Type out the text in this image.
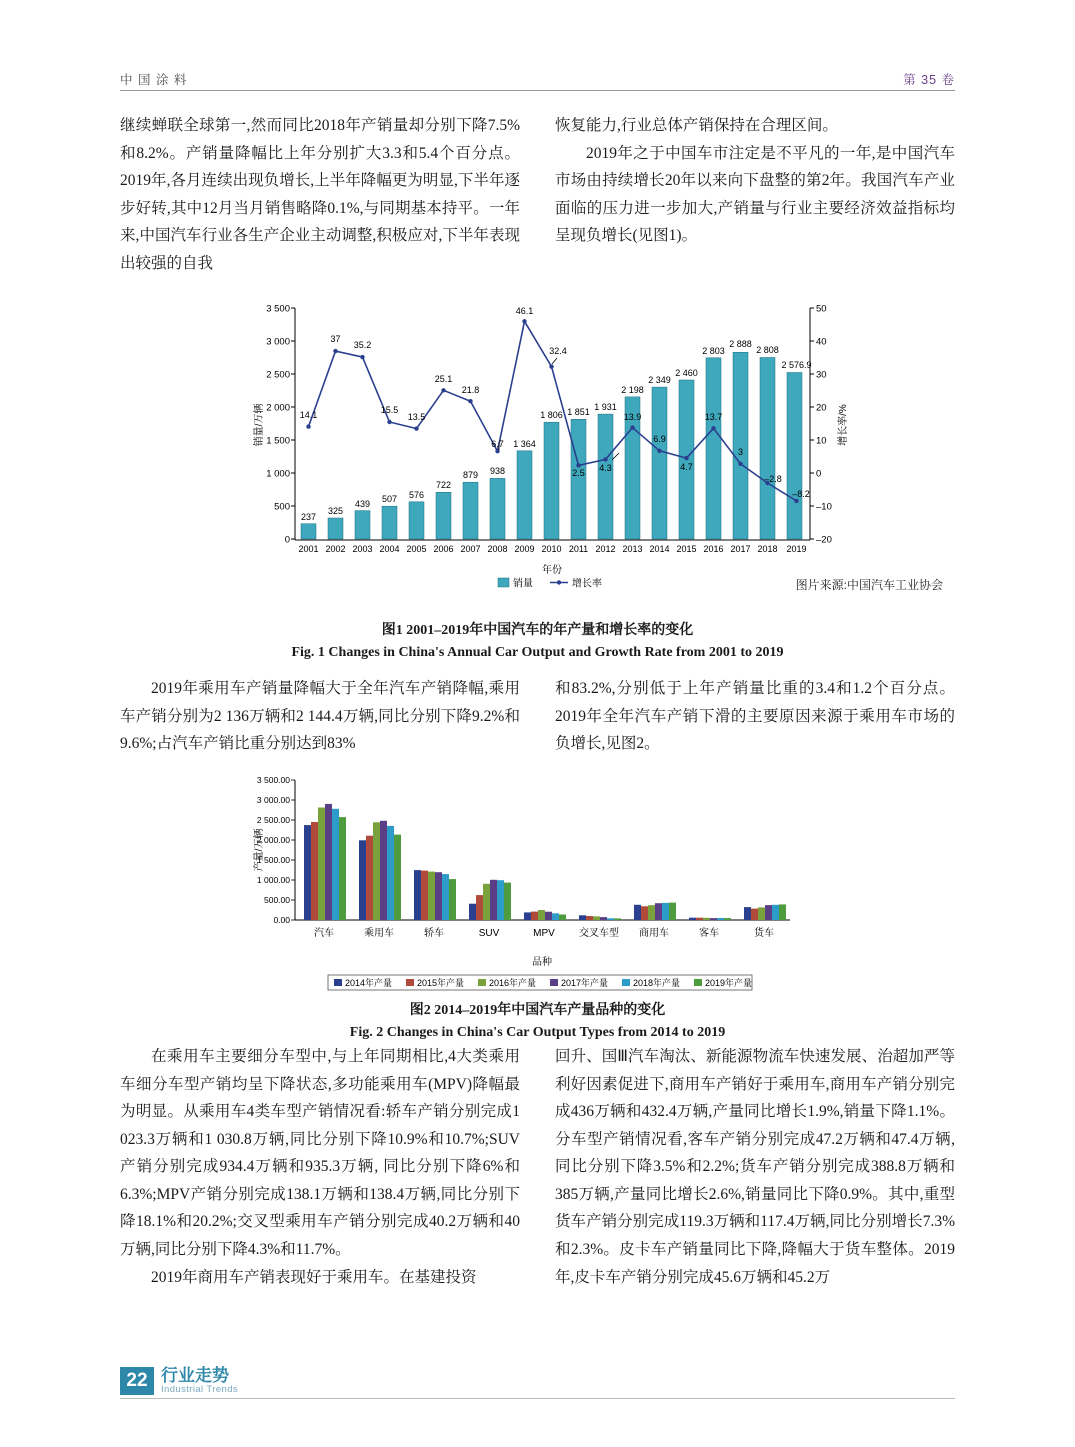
中 国 涂 料	第 35 卷

继续蝉联全球第一,然而同比2018年产销量却分别下降7.5%和8.2%。产销量降幅比上年分别扩大3.3和5.4个百分点。2019年,各月连续出现负增长,上半年降幅更为明显,下半年逐步好转,其中12月当月销售略降0.1%,与同期基本持平。一年来,中国汽车行业各生产企业主动调整,积极应对,下半年表现出较强的自我

恢复能力,行业总体产销保持在合理区间。

2019年之于中国车市注定是不平凡的一年,是中国汽车市场由持续增长20年以来向下盘整的第2年。我国汽车产业面临的压力进一步加大,产销量与行业主要经济效益指标均呈现负增长(见图1)。

3 500
3 000
2 500
2 000
1 500
1 000
500
0
50
40
30
20
10
0
–10
–20
销量/万辆	增长率/%
年份
237
325
439 507 576
722
879 938
1 364
1 806 1 851 1 931
2 198
2 349
2 460
2 803
2 888
2 808
2 576.9
14.1
37
35.2
15.5
13.5
25.1
21.8
6.7
46.1
32.4
2.5 4.3
13.9
6.9
4.7
13.7
3
–2.8
–8.2
2001 2002 2003 2004 2005 2006 2007 2008 2009 2010 2011 2012 2013 2014 2015 2016 2017 2018 2019
销量	增长率	图片来源:中国汽车工业协会
图1 2001–2019年中国汽车的年产量和增长率的变化
Fig. 1 Changes in China's Annual Car Output and Growth Rate from 2001 to 2019

2019年乘用车产销量降幅大于全年汽车产销降幅,乘用车产销分别为2 136万辆和2 144.4万辆,同比分别下降9.2%和9.6%;占汽车产销比重分别达到83%

和83.2%,分别低于上年产销量比重的3.4和1.2个百分点。2019年全年汽车产销下滑的主要原因来源于乘用车市场的负增长,见图2。

3 500.00
3 000.00
2 500.00
2 000.00
1 500.00
1 000.00
500.00
0.00
产量/万辆
品种
汽车	乘用车	轿车	SUV	MPV 交叉车型 商用车	客车	货车
2014年产量	2015年产量	2016年产量	2017年产量	2018年产量	2019年产量
图2 2014–2019年中国汽车产量品种的变化
Fig. 2 Changes in China's Car Output Types from 2014 to 2019

在乘用车主要细分车型中,与上年同期相比,4大类乘用车细分车型产销均呈下降状态,多功能乘用车(MPV)降幅最为明显。从乘用车4类车型产销情况看:轿车产销分别完成1 023.3万辆和1 030.8万辆,同比分别下降10.9%和10.7%;SUV产销分别完成934.4万辆和935.3万辆, 同比分别下降6%和6.3%;MPV产销分别完成138.1万辆和138.4万辆,同比分别下降18.1%和20.2%;交叉型乘用车产销分别完成40.2万辆和40万辆,同比分别下降4.3%和11.7%。

2019年商用车产销表现好于乘用车。在基建投资

回升、国Ⅲ汽车淘汰、新能源物流车快速发展、治超加严等利好因素促进下,商用车产销好于乘用车,商用车产销分别完成436万辆和432.4万辆,产量同比增长1.9%,销量下降1.1%。分车型产销情况看,客车产销分别完成47.2万辆和47.4万辆,同比分别下降3.5%和2.2%;货车产销分别完成388.8万辆和385万辆,产量同比增长2.6%,销量同比下降0.9%。其中,重型货车产销分别完成119.3万辆和117.4万辆,同比分别增长7.3%和2.3%。皮卡车产销量同比下降,降幅大于货车整体。2019年,皮卡车产销分别完成45.6万辆和45.2万

22 行业走势
Industrial Trends
